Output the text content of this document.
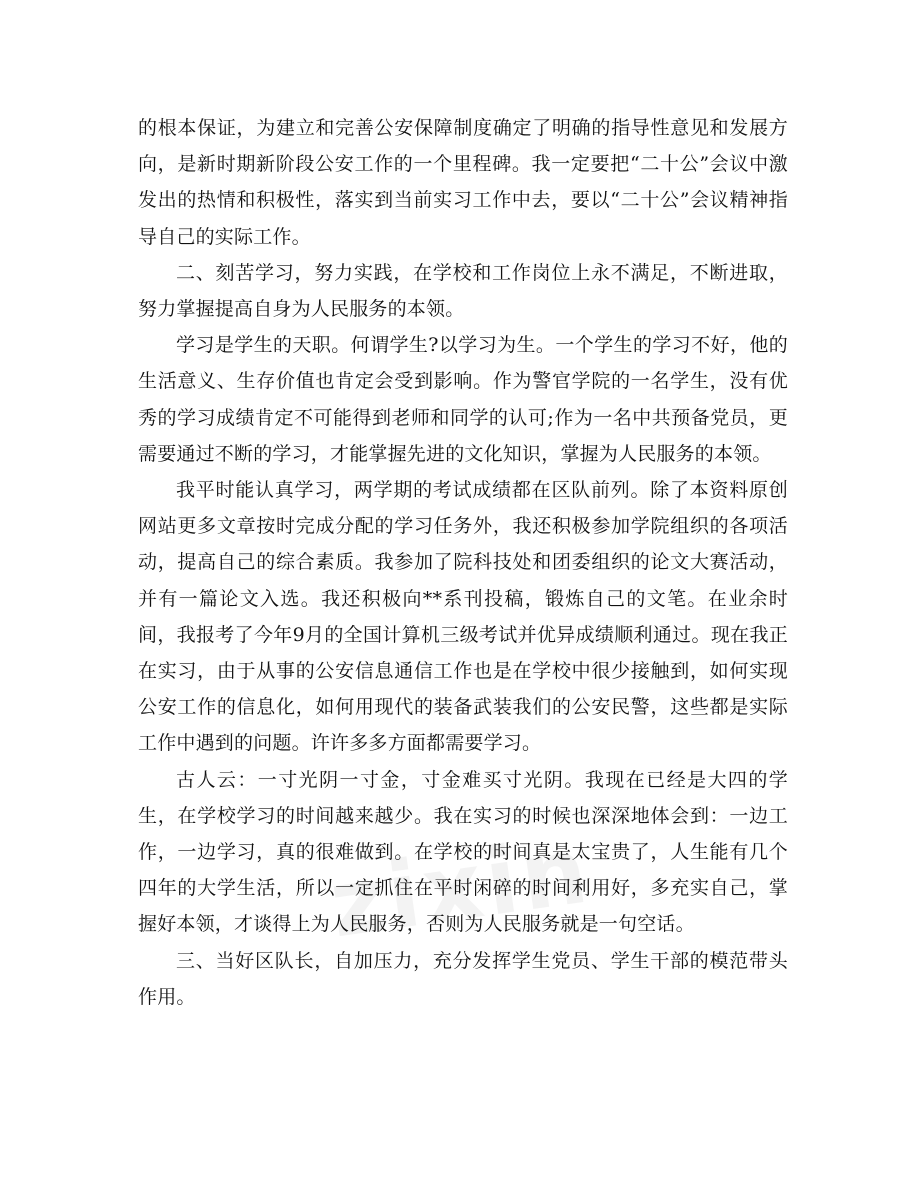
的根本保证，为建立和完善公安保障制度确定了明确的指导性意见和发展方向，是新时期新阶段公安工作的一个里程碑。我一定要把“二十公”会议中激发出的热情和积极性，落实到当前实习工作中去，要以“二十公”会议精神指导自己的实际工作。

二、刻苦学习，努力实践，在学校和工作岗位上永不满足，不断进取，努力掌握提高自身为人民服务的本领。

学习是学生的天职。何谓学生?以学习为生。一个学生的学习不好，他的生活意义、生存价值也肯定会受到影响。作为警官学院的一名学生，没有优秀的学习成绩肯定不可能得到老师和同学的认可;作为一名中共预备党员，更需要通过不断的学习，才能掌握先进的文化知识，掌握为人民服务的本领。

我平时能认真学习，两学期的考试成绩都在区队前列。除了本资料原创网站更多文章按时完成分配的学习任务外，我还积极参加学院组织的各项活动，提高自己的综合素质。我参加了院科技处和团委组织的论文大赛活动，并有一篇论文入选。我还积极向**系刊投稿，锻炼自己的文笔。在业余时间，我报考了今年9月的全国计算机三级考试并优异成绩顺利通过。现在我正在实习，由于从事的公安信息通信工作也是在学校中很少接触到，如何实现公安工作的信息化，如何用现代的装备武装我们的公安民警，这些都是实际工作中遇到的问题。许许多多方面都需要学习。

古人云：一寸光阴一寸金，寸金难买寸光阴。我现在已经是大四的学生，在学校学习的时间越来越少。我在实习的时候也深深地体会到：一边工作，一边学习，真的很难做到。在学校的时间真是太宝贵了，人生能有几个四年的大学生活，所以一定抓住在平时闲碎的时间利用好，多充实自己，掌握好本领，才谈得上为人民服务，否则为人民服务就是一句空话。

三、当好区队长，自加压力，充分发挥学生党员、学生干部的模范带头作用。
